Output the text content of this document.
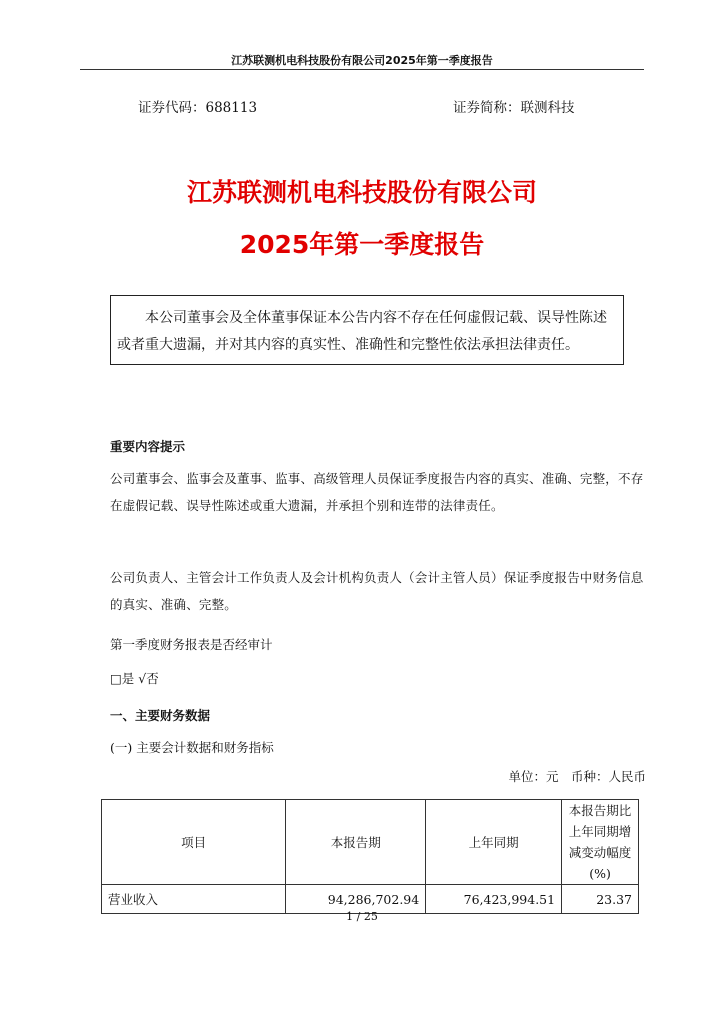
江苏联测机电科技股份有限公司2025年第一季度报告
证券代码：688113	证券简称：联测科技
江苏联测机电科技股份有限公司
2025年第一季度报告
本公司董事会及全体董事保证本公告内容不存在任何虚假记载、误导性陈述或者重大遗漏，并对其内容的真实性、准确性和完整性依法承担法律责任。
重要内容提示
公司董事会、监事会及董事、监事、高级管理人员保证季度报告内容的真实、准确、完整，不存在虚假记载、误导性陈述或重大遗漏，并承担个别和连带的法律责任。
公司负责人、主管会计工作负责人及会计机构负责人（会计主管人员）保证季度报告中财务信息的真实、准确、完整。
第一季度财务报表是否经审计
□是 √否
一、主要财务数据
(一) 主要会计数据和财务指标
单位：元　币种：人民币
项目	本报告期	上年同期	本报告期比上年同期增减变动幅度(%)
营业收入	94,286,702.94	76,423,994.51	23.37
1 / 25
